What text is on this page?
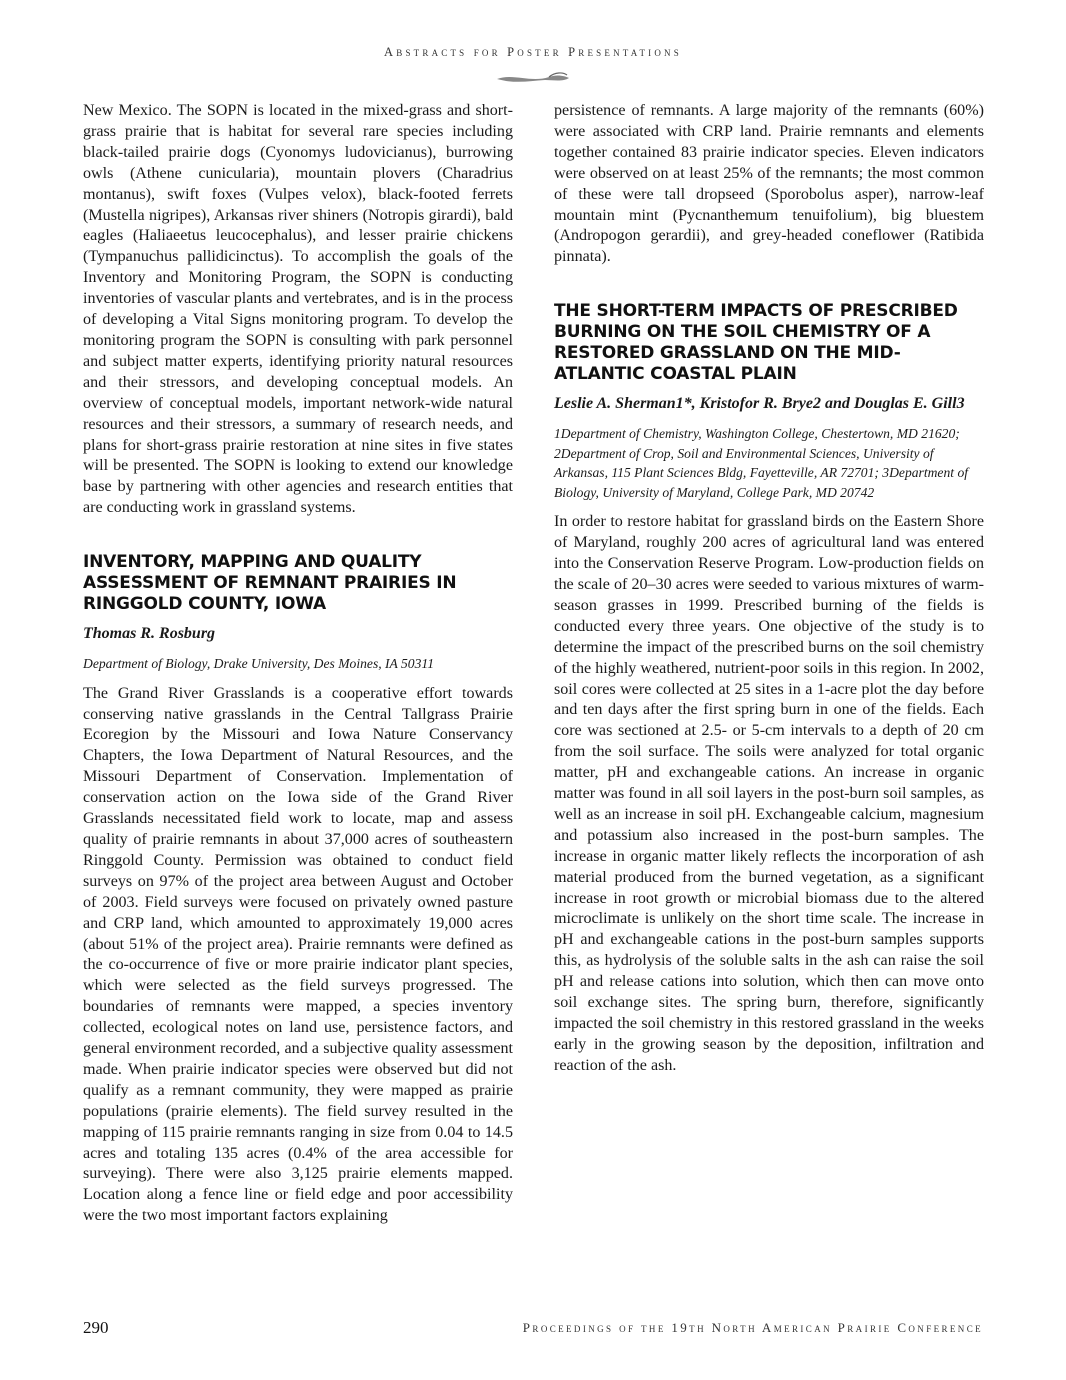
Abstracts for Poster Presentations

New Mexico. The SOPN is located in the mixed-grass and short-grass prairie that is habitat for several rare species including black-tailed prairie dogs (Cyonomys ludovicianus), burrowing owls (Athene cunicularia), mountain plovers (Charadrius montanus), swift foxes (Vulpes velox), black-footed ferrets (Mustella nigripes), Arkansas river shiners (Notropis girardi), bald eagles (Haliaeetus leucocephalus), and lesser prairie chickens (Tympanuchus pallidicinctus). To accomplish the goals of the Inventory and Monitoring Program, the SOPN is conducting inventories of vascular plants and vertebrates, and is in the process of developing a Vital Signs monitoring program. To develop the monitoring program the SOPN is consulting with park personnel and subject matter experts, identifying priority natural resources and their stressors, and developing conceptual models. An overview of conceptual models, important network-wide natural resources and their stressors, a summary of research needs, and plans for short-grass prairie restoration at nine sites in five states will be presented. The SOPN is looking to extend our knowledge base by partnering with other agencies and research entities that are conducting work in grassland systems.

INVENTORY, MAPPING AND QUALITY ASSESSMENT OF REMNANT PRAIRIES IN RINGGOLD COUNTY, IOWA

Thomas R. Rosburg

Department of Biology, Drake University, Des Moines, IA 50311

The Grand River Grasslands is a cooperative effort towards conserving native grasslands in the Central Tallgrass Prairie Ecoregion by the Missouri and Iowa Nature Conservancy Chapters, the Iowa Department of Natural Resources, and the Missouri Department of Conservation. Implementation of conservation action on the Iowa side of the Grand River Grasslands necessitated field work to locate, map and assess quality of prairie remnants in about 37,000 acres of southeastern Ringgold County. Permission was obtained to conduct field surveys on 97% of the project area between August and October of 2003. Field surveys were focused on privately owned pasture and CRP land, which amounted to approximately 19,000 acres (about 51% of the project area). Prairie remnants were defined as the co-occurrence of five or more prairie indicator plant species, which were selected as the field surveys progressed. The boundaries of remnants were mapped, a species inventory collected, ecological notes on land use, persistence factors, and general environment recorded, and a subjective quality assessment made. When prairie indicator species were observed but did not qualify as a remnant community, they were mapped as prairie populations (prairie elements). The field survey resulted in the mapping of 115 prairie remnants ranging in size from 0.04 to 14.5 acres and totaling 135 acres (0.4% of the area accessible for surveying). There were also 3,125 prairie elements mapped. Location along a fence line or field edge and poor accessibility were the two most important factors explaining

persistence of remnants. A large majority of the remnants (60%) were associated with CRP land. Prairie remnants and elements together contained 83 prairie indicator species. Eleven indicators were observed on at least 25% of the remnants; the most common of these were tall dropseed (Sporobolus asper), narrow-leaf mountain mint (Pycnanthemum tenuifolium), big bluestem (Andropogon gerardii), and grey-headed coneflower (Ratibida pinnata).

THE SHORT-TERM IMPACTS OF PRESCRIBED BURNING ON THE SOIL CHEMISTRY OF A RESTORED GRASSLAND ON THE MID-ATLANTIC COASTAL PLAIN

Leslie A. Sherman1*, Kristofor R. Brye2 and Douglas E. Gill3

1Department of Chemistry, Washington College, Chestertown, MD 21620; 2Department of Crop, Soil and Environmental Sciences, University of Arkansas, 115 Plant Sciences Bldg, Fayetteville, AR 72701; 3Department of Biology, University of Maryland, College Park, MD 20742

In order to restore habitat for grassland birds on the Eastern Shore of Maryland, roughly 200 acres of agricultural land was entered into the Conservation Reserve Program. Low-production fields on the scale of 20–30 acres were seeded to various mixtures of warm-season grasses in 1999. Prescribed burning of the fields is conducted every three years. One objective of the study is to determine the impact of the prescribed burns on the soil chemistry of the highly weathered, nutrient-poor soils in this region. In 2002, soil cores were collected at 25 sites in a 1-acre plot the day before and ten days after the first spring burn in one of the fields. Each core was sectioned at 2.5- or 5-cm intervals to a depth of 20 cm from the soil surface. The soils were analyzed for total organic matter, pH and exchangeable cations. An increase in organic matter was found in all soil layers in the post-burn soil samples, as well as an increase in soil pH. Exchangeable calcium, magnesium and potassium also increased in the post-burn samples. The increase in organic matter likely reflects the incorporation of ash material produced from the burned vegetation, as a significant increase in root growth or microbial biomass due to the altered microclimate is unlikely on the short time scale. The increase in pH and exchangeable cations in the post-burn samples supports this, as hydrolysis of the soluble salts in the ash can raise the soil pH and release cations into solution, which then can move onto soil exchange sites. The spring burn, therefore, significantly impacted the soil chemistry in this restored grassland in the weeks early in the growing season by the deposition, infiltration and reaction of the ash.

290	Proceedings of the 19th North American Prairie Conference
